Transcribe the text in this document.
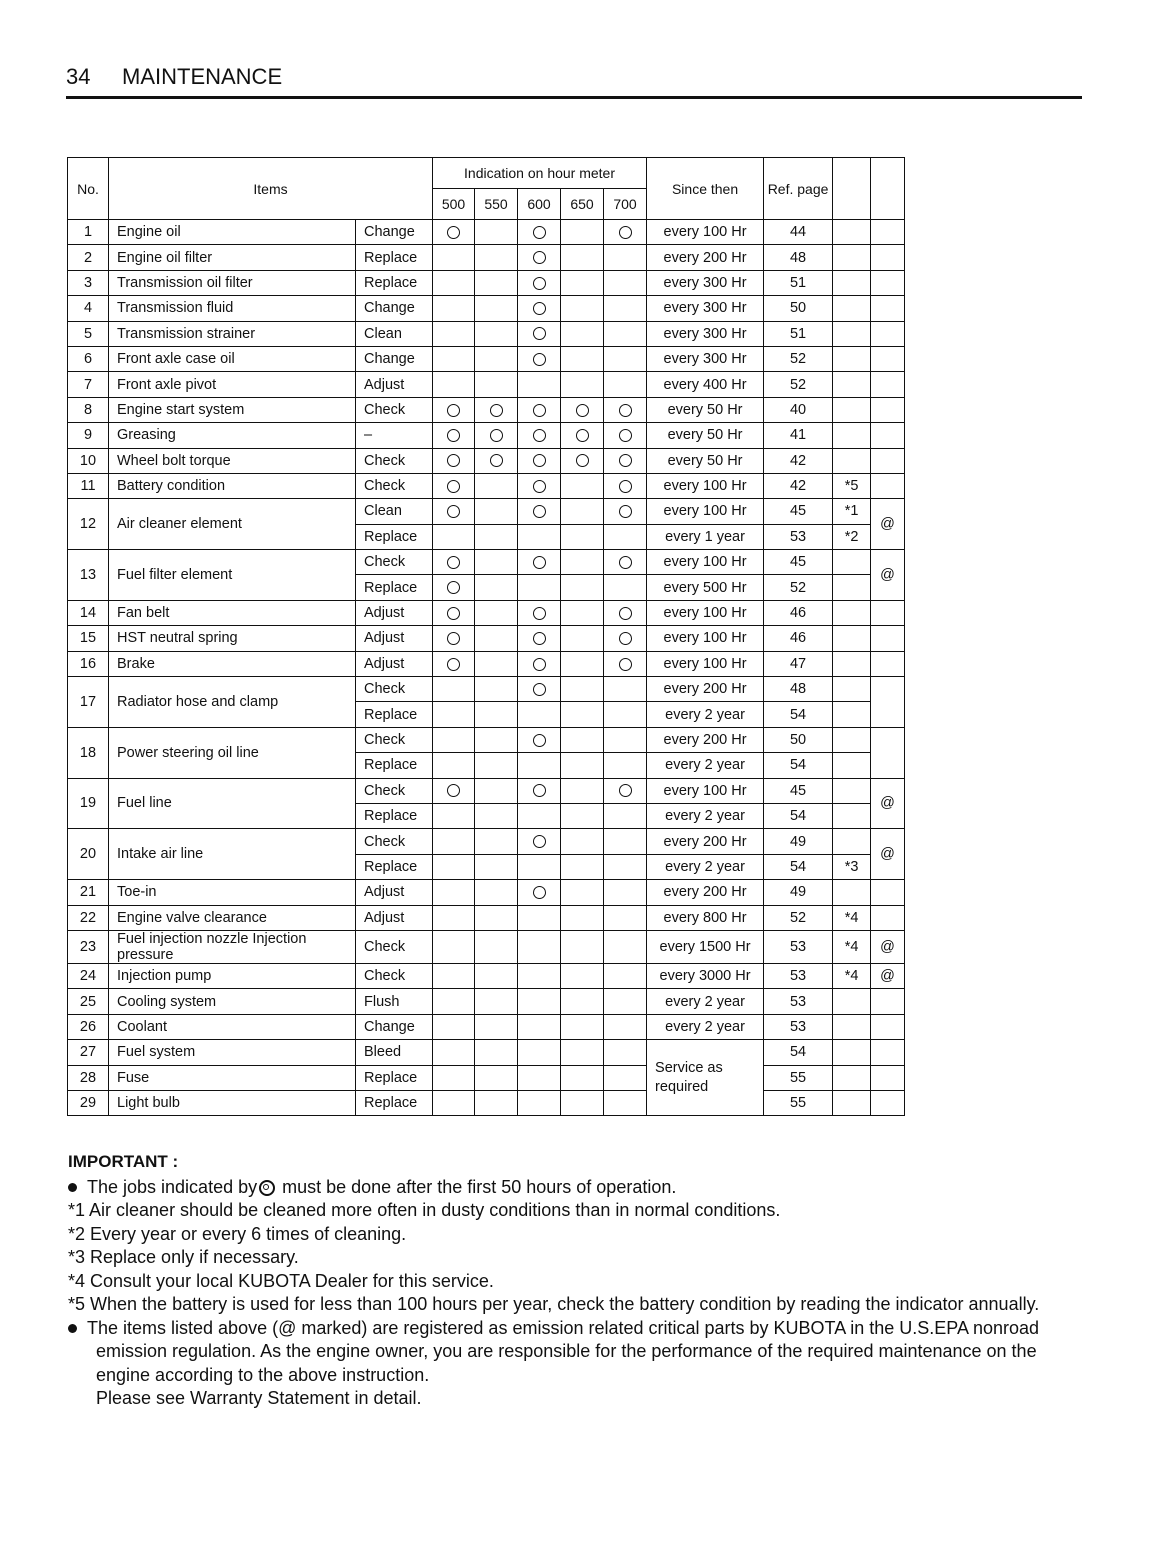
34 MAINTENANCE
No.	Items		Indication on hour meter					Since then	Ref. page		
			500	550	600	650	700				
1	Engine oil	Change						every 100 Hr	44		
2	Engine oil filter	Replace						every 200 Hr	48		
3	Transmission oil filter	Replace						every 300 Hr	51		
4	Transmission fluid	Change						every 300 Hr	50		
5	Transmission strainer	Clean						every 300 Hr	51		
6	Front axle case oil	Change						every 300 Hr	52		
7	Front axle pivot	Adjust						every 400 Hr	52		
8	Engine start system	Check						every 50 Hr	40		
9	Greasing	–						every 50 Hr	41		
10	Wheel bolt torque	Check						every 50 Hr	42		
11	Battery condition	Check						every 100 Hr	42	*5	
12	Air cleaner element	Clean						every 100 Hr	45	*1	@
		Replace						every 1 year	53	*2	
13	Fuel filter element	Check						every 100 Hr	45		@
		Replace						every 500 Hr	52		
14	Fan belt	Adjust						every 100 Hr	46		
15	HST neutral spring	Adjust						every 100 Hr	46		
16	Brake	Adjust						every 100 Hr	47		
17	Radiator hose and clamp	Check						every 200 Hr	48		
		Replace						every 2 year	54		
18	Power steering oil line	Check						every 200 Hr	50		
		Replace						every 2 year	54		
19	Fuel line	Check						every 100 Hr	45		@
		Replace						every 2 year	54		
20	Intake air line	Check						every 200 Hr	49		@
		Replace						every 2 year	54	*3	
21	Toe-in	Adjust						every 200 Hr	49		
22	Engine valve clearance	Adjust						every 800 Hr	52	*4	
23	Fuel injection nozzle Injection pressure	Check						every 1500 Hr	53	*4	@
24	Injection pump	Check						every 3000 Hr	53	*4	@
25	Cooling system	Flush						every 2 year	53		
26	Coolant	Change						every 2 year	53		
27	Fuel system	Bleed						Service as required	54		
28	Fuse	Replace							55		
29	Light bulb	Replace							55		
IMPORTANT :
The jobs indicated by must be done after the first 50 hours of operation.
*1 Air cleaner should be cleaned more often in dusty conditions than in normal conditions.
*2 Every year or every 6 times of cleaning.
*3 Replace only if necessary.
*4 Consult your local KUBOTA Dealer for this service.
*5 When the battery is used for less than 100 hours per year, check the battery condition by reading the indicator annually.
The items listed above (@ marked) are registered as emission related critical parts by KUBOTA in the U.S.EPA nonroad
emission regulation. As the engine owner, you are responsible for the performance of the required maintenance on the
engine according to the above instruction.
Please see Warranty Statement in detail.
